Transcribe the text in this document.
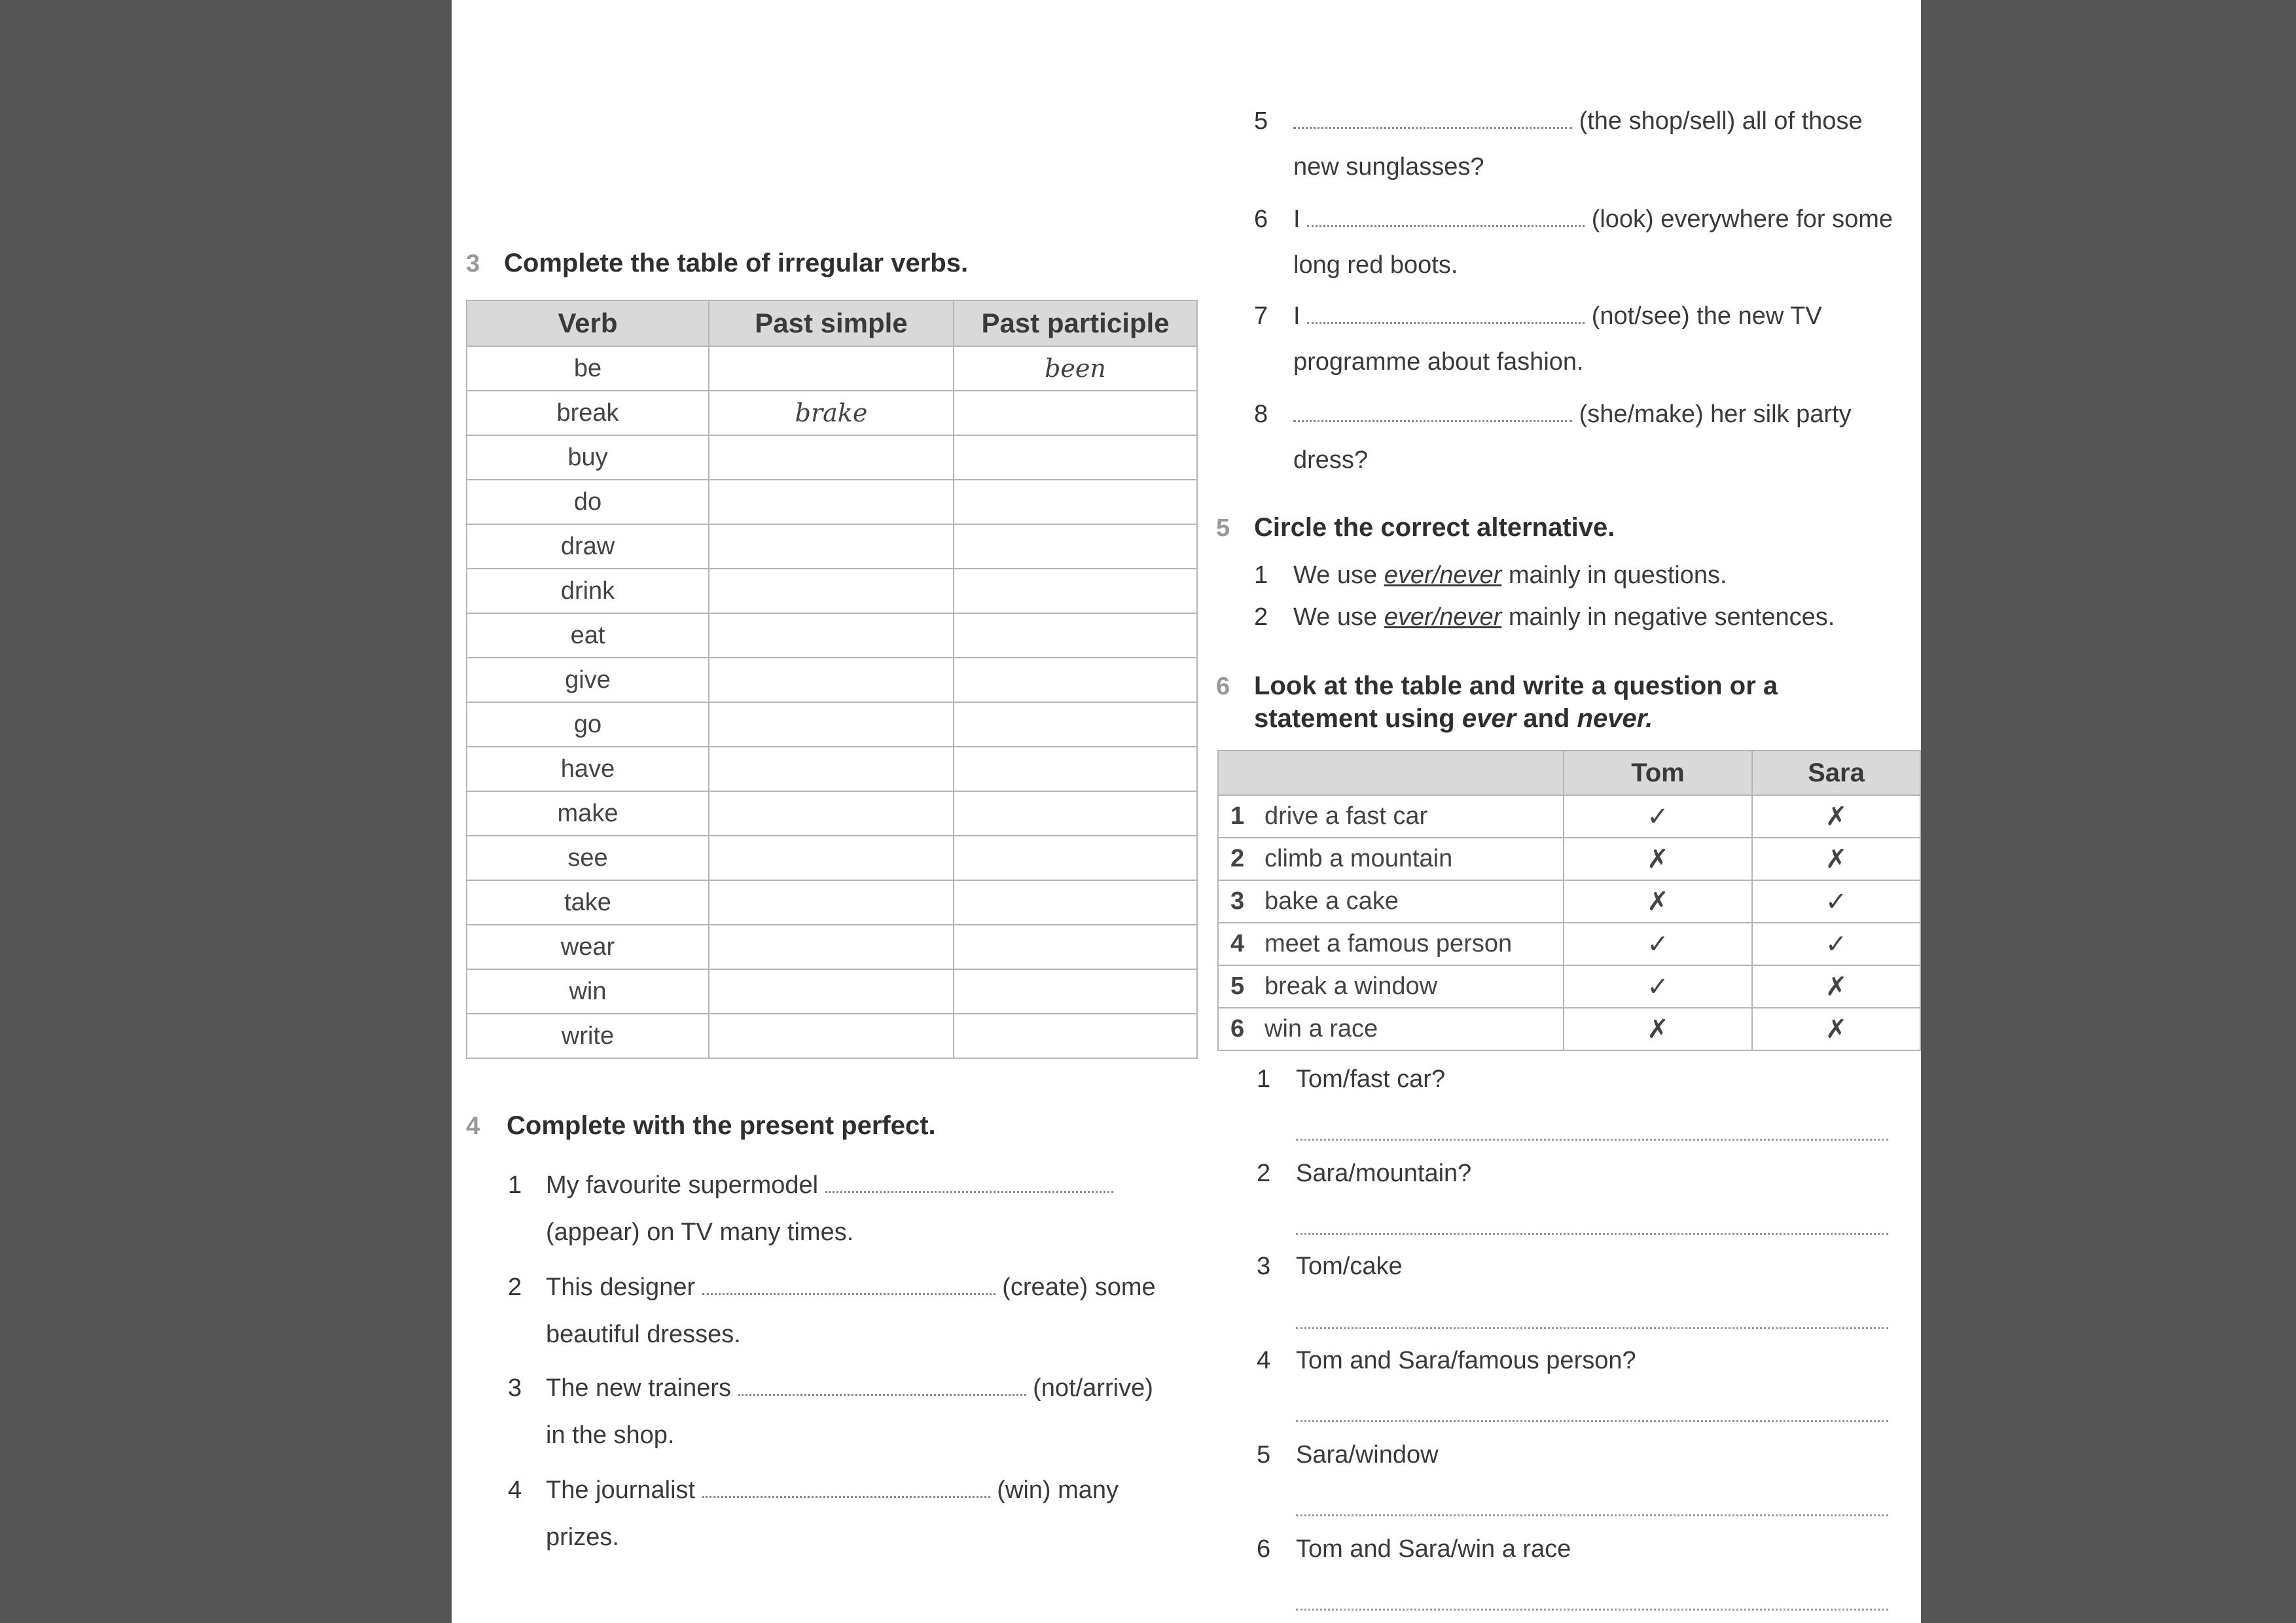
3 Complete the table of irregular verbs.
Verb	Past simple	Past participle
be		been
break	brake	
buy		
do		
draw		
drink		
eat		
give		
go		
have		
make		
see		
take		
wear		
win		
write		
4 Complete with the present perfect.
1 My favourite supermodel
(appear) on TV many times.
2 This designer	(create) some
beautiful dresses.
3 The new trainers	(not/arrive)
in the shop.
4 The journalist	(win) many
prizes.
5	(the shop/sell) all of those
new sunglasses?
6 I	(look) everywhere for some
long red boots.
7 I	(not/see) the new TV
programme about fashion.
8	(she/make) her silk party
dress?
5 Circle the correct alternative.
1 We use ever/never mainly in questions.
2 We use ever/never mainly in negative sentences.
6 Look at the table and write a question or a
statement using ever and never.
	Tom	Sara
1 drive a fast car	✓	✗
2 climb a mountain	✗	✗
3 bake a cake	✗	✓
4 meet a famous person	✓	✓
5 break a window	✓	✗
6 win a race	✗	✗
1 Tom/fast car?
2 Sara/mountain?
3 Tom/cake
4 Tom and Sara/famous person?
5 Sara/window
6 Tom and Sara/win a race
